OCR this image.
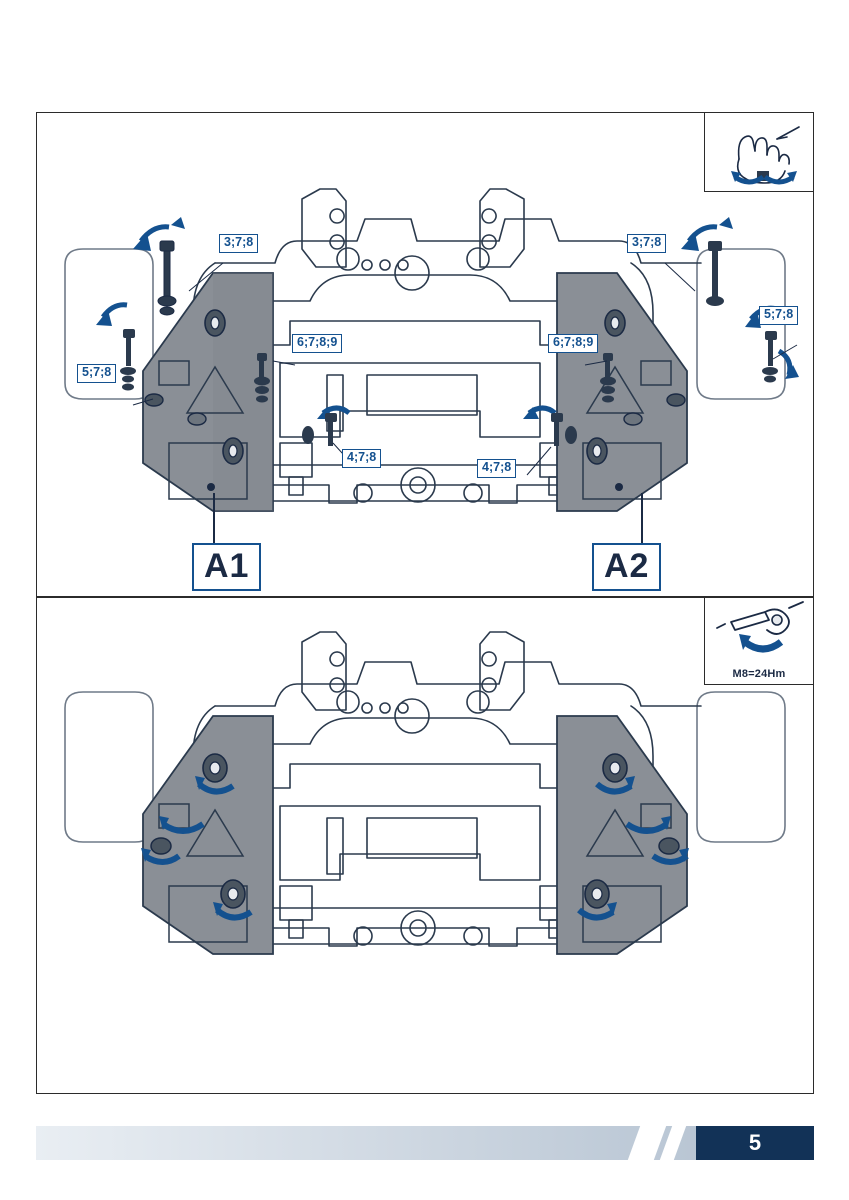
3;7;8
5;7;8
6;7;8;9
4;7;8
3;7;8
5;7;8
6;7;8;9
4;7;8
A1	A2
M8=24Hm
5
